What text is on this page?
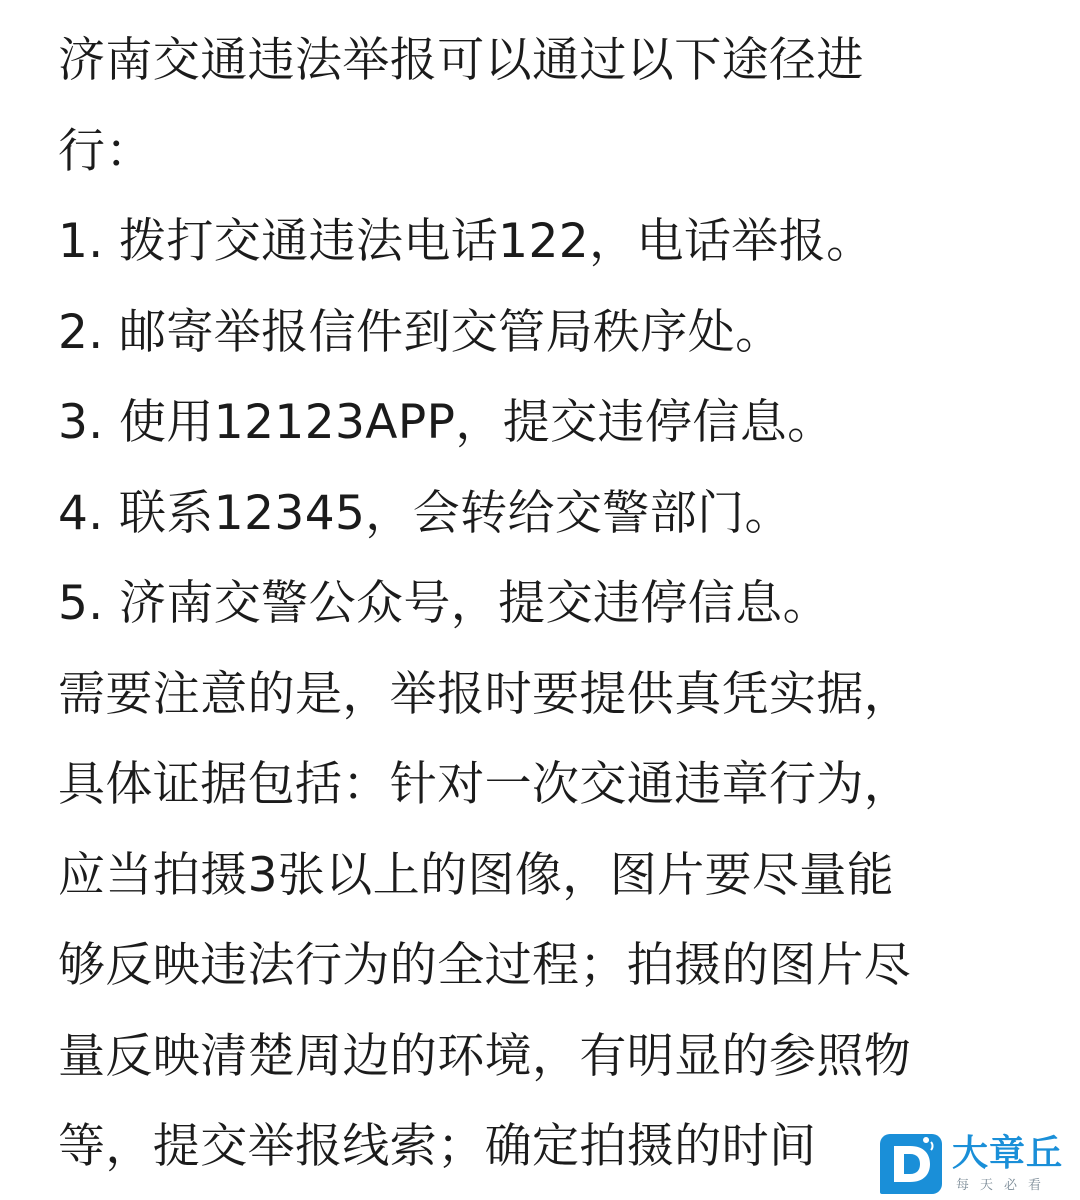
济南交通违法举报可以通过以下途径进
行：
1. 拨打交通违法电话122，电话举报。
2. 邮寄举报信件到交管局秩序处。
3. 使用12123APP，提交违停信息。
4. 联系12345，会转给交警部门。
5. 济南交警公众号，提交违停信息。
需要注意的是，举报时要提供真凭实据，
具体证据包括：针对一次交通违章行为，
应当拍摄3张以上的图像，图片要尽量能
够反映违法行为的全过程；拍摄的图片尽
量反映清楚周边的环境，有明显的参照物
等，提交举报线索；确定拍摄的时间	大章丘
每天必看
